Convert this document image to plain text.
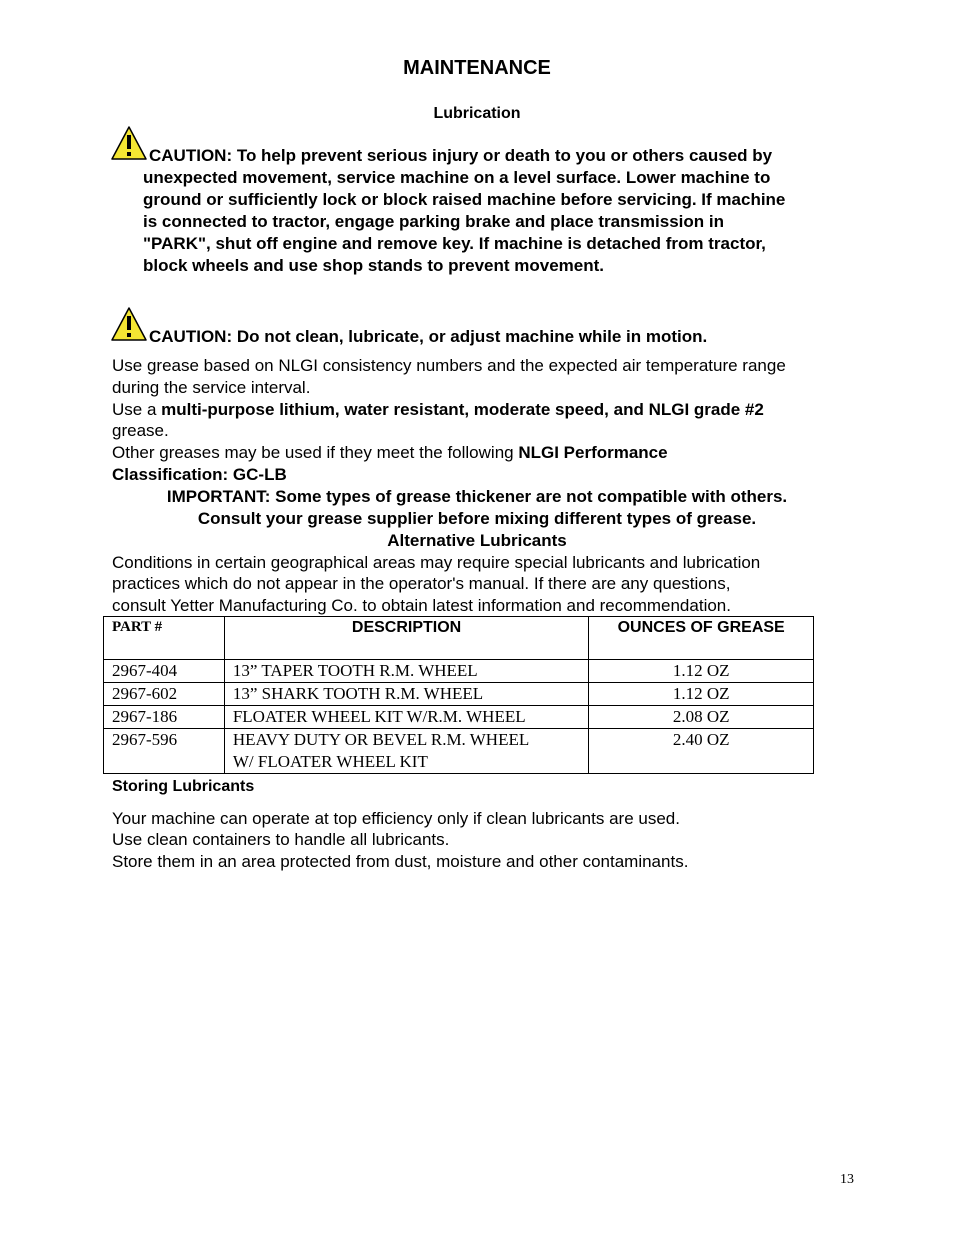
MAINTENANCE
Lubrication
CAUTION: To help prevent serious injury or death to you or others caused by
unexpected movement, service machine on a level surface. Lower machine to
ground or sufficiently lock or block raised machine before servicing. If machine
is connected to tractor, engage parking brake and place transmission in
"PARK", shut off engine and remove key. If machine is detached from tractor,
block wheels and use shop stands to prevent movement.
CAUTION: Do not clean, lubricate, or adjust machine while in motion.
Use grease based on NLGI consistency numbers and the expected air temperature range
during the service interval.
Use a multi-purpose lithium, water resistant, moderate speed, and NLGI grade #2
grease.
Other greases may be used if they meet the following NLGI Performance
Classification: GC-LB
IMPORTANT: Some types of grease thickener are not compatible with others.
Consult your grease supplier before mixing different types of grease.
Alternative Lubricants
Conditions in certain geographical areas may require special lubricants and lubrication
practices which do not appear in the operator's manual. If there are any questions,
consult Yetter Manufacturing Co. to obtain latest information and recommendation.
PART #	DESCRIPTION	OUNCES OF GREASE
2967-404	13” TAPER TOOTH R.M. WHEEL	1.12 OZ
2967-602	13” SHARK TOOTH R.M. WHEEL	1.12 OZ
2967-186	FLOATER WHEEL KIT W/R.M. WHEEL	2.08 OZ
2967-596	HEAVY DUTY OR BEVEL R.M. WHEEL
W/ FLOATER WHEEL KIT	2.40 OZ
Storing Lubricants
Your machine can operate at top efficiency only if clean lubricants are used.
Use clean containers to handle all lubricants.
Store them in an area protected from dust, moisture and other contaminants.
13
